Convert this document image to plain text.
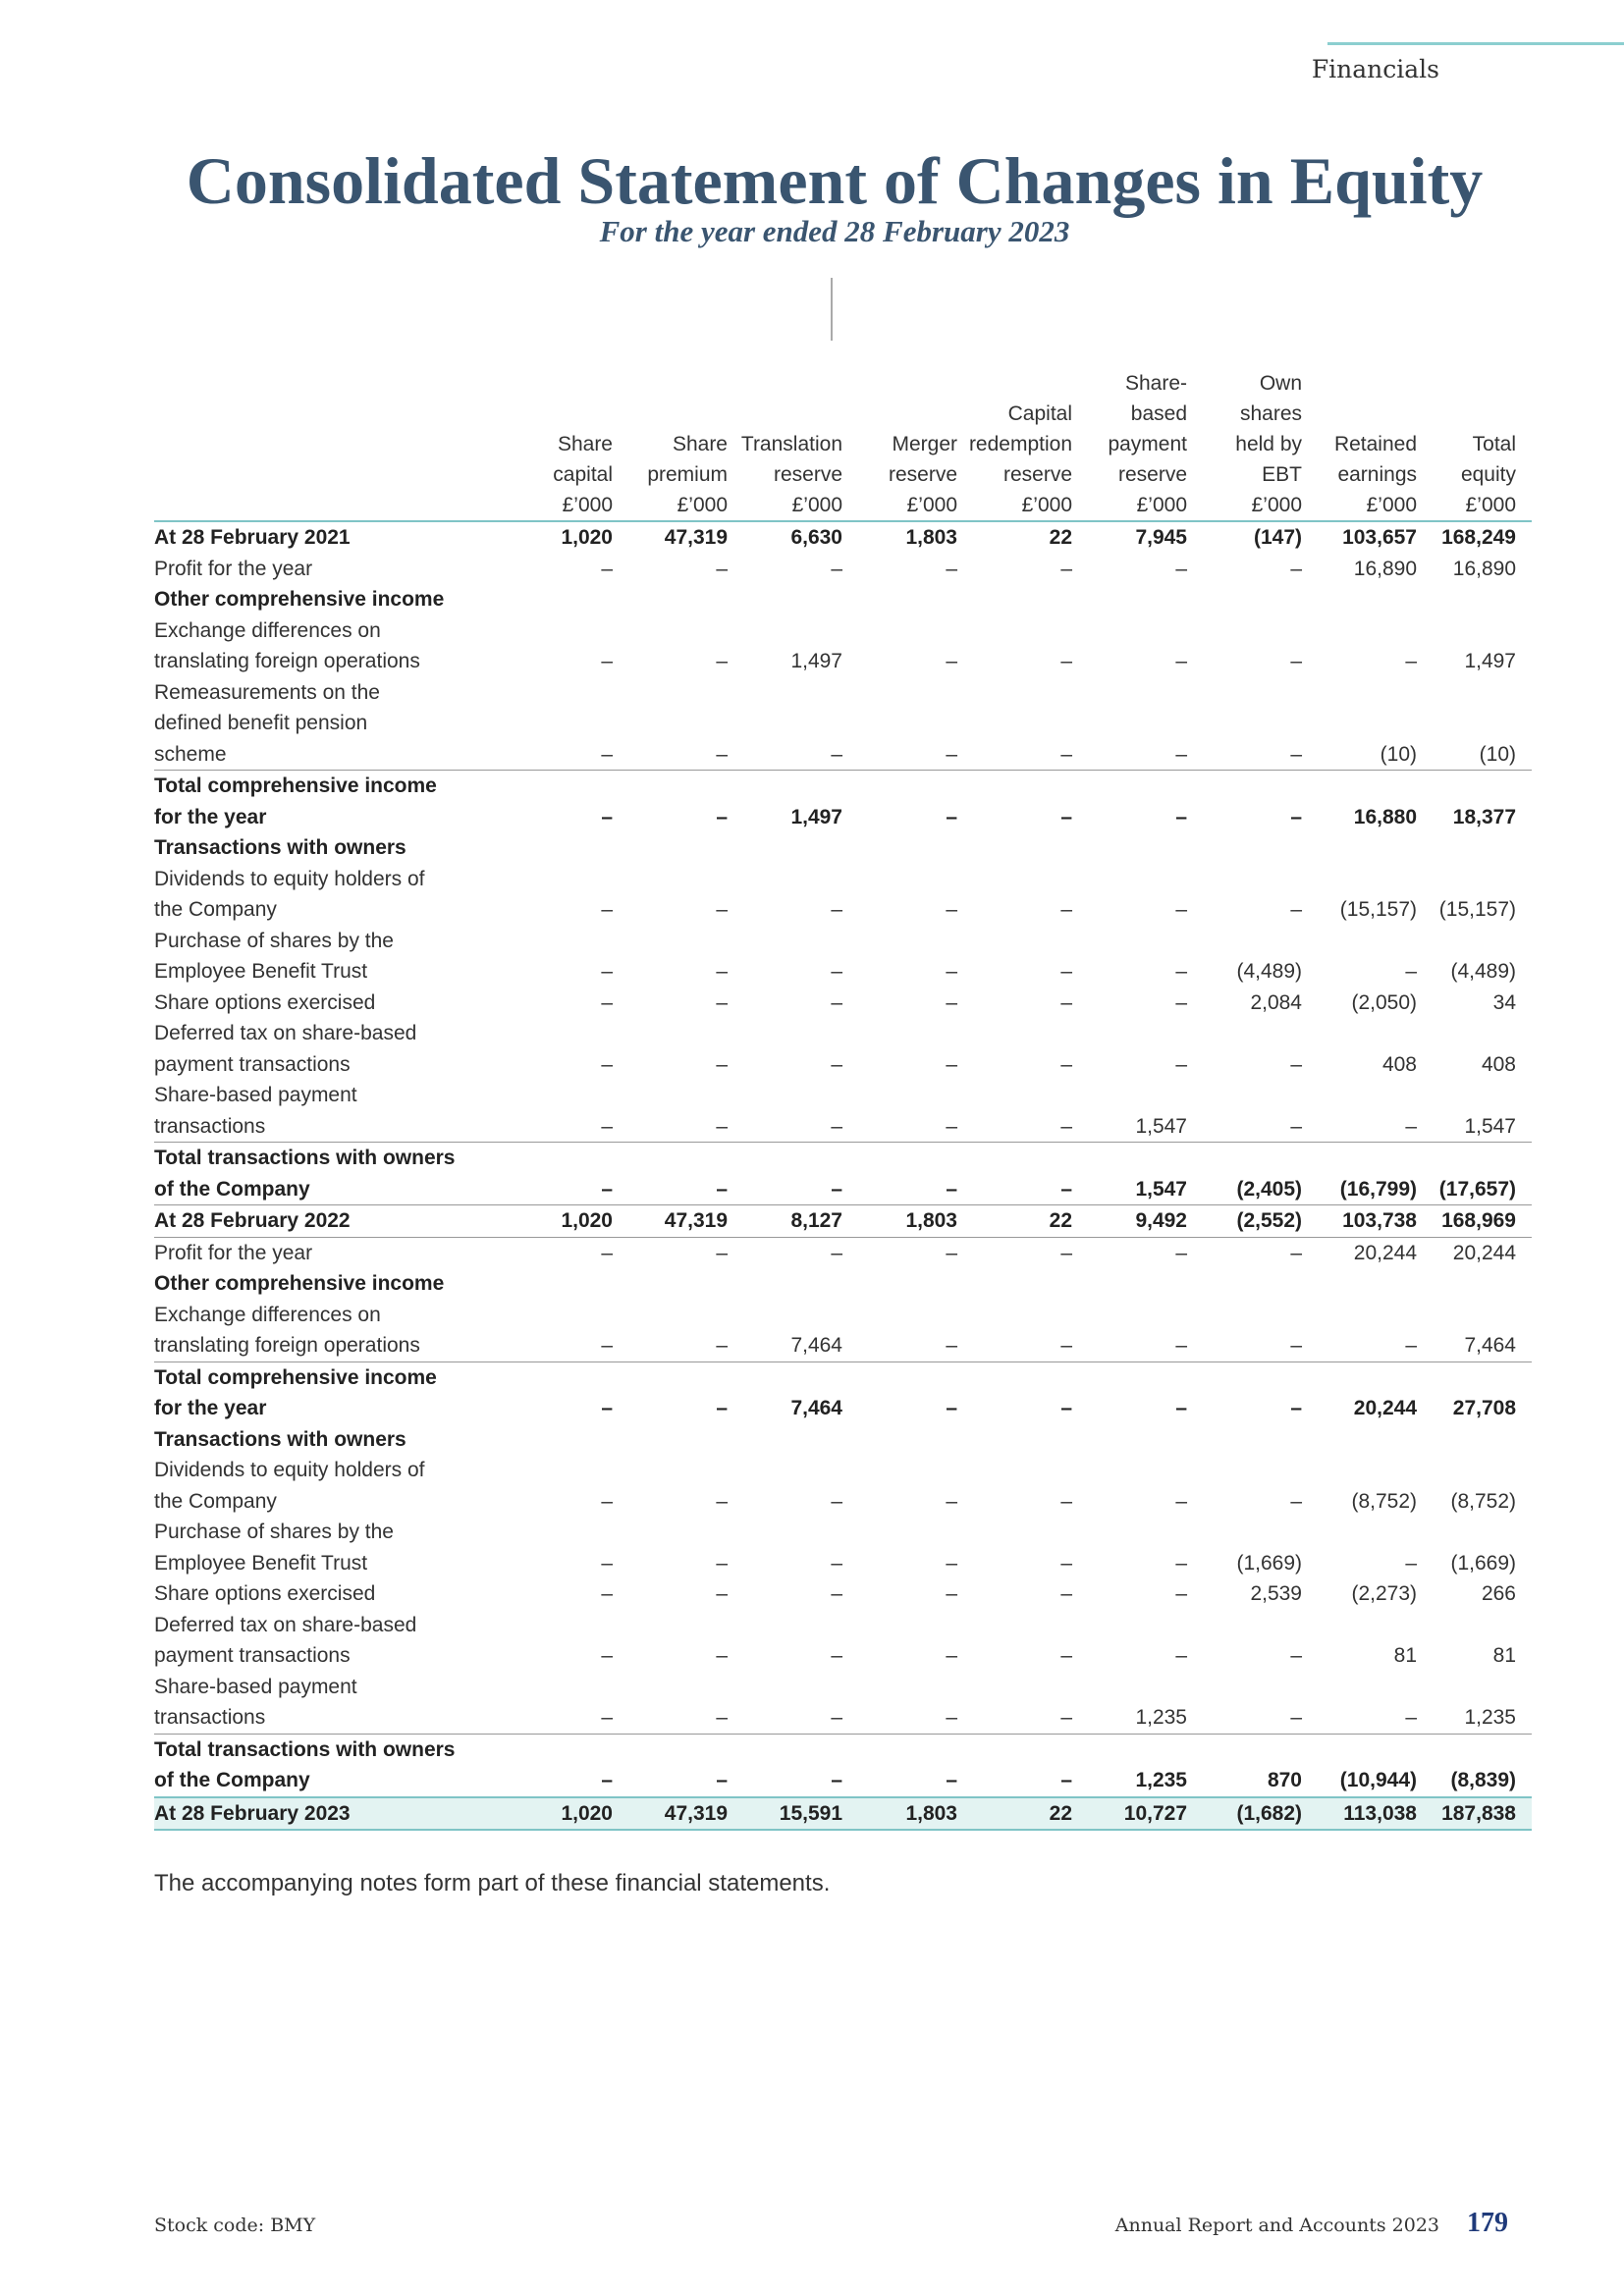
Financials
Consolidated Statement of Changes in Equity
For the year ended 28 February 2023
	Share
capital
£’000	Share
premium
£’000	Translation
reserve
£’000	Merger
reserve
£’000	Capital
redemption
reserve
£’000	Share-
based
payment
reserve
£’000	Own
shares
held by
EBT
£’000	Retained
earnings
£’000	Total
equity
£’000

At 28 February 2021	1,020	47,319	6,630	1,803	22	7,945	(147)	103,657	168,249

Profit for the year	–	–	–	–	–	–	–	16,890	16,890

Other comprehensive income									

Exchange differences on
translating foreign operations	–	–	1,497	–	–	–	–	–	1,497

Remeasurements on the
defined benefit pension
scheme	–	–	–	–	–	–	–	(10)	(10)

Total comprehensive income
for the year	–	–	1,497	–	–	–	–	16,880	18,377

Transactions with owners									

Dividends to equity holders of
the Company	–	–	–	–	–	–	–	(15,157)	(15,157)

Purchase of shares by the
Employee Benefit Trust	–	–	–	–	–	–	(4,489)	–	(4,489)

Share options exercised	–	–	–	–	–	–	2,084	(2,050)	34

Deferred tax on share-based
payment transactions	–	–	–	–	–	–	–	408	408

Share-based payment
transactions	–	–	–	–	–	1,547	–	–	1,547

Total transactions with owners
of the Company	–	–	–	–	–	1,547	(2,405)	(16,799)	(17,657)

At 28 February 2022	1,020	47,319	8,127	1,803	22	9,492	(2,552)	103,738	168,969

Profit for the year	–	–	–	–	–	–	–	20,244	20,244

Other comprehensive income									

Exchange differences on
translating foreign operations	–	–	7,464	–	–	–	–	–	7,464

Total comprehensive income
for the year	–	–	7,464	–	–	–	–	20,244	27,708

Transactions with owners									

Dividends to equity holders of
the Company	–	–	–	–	–	–	–	(8,752)	(8,752)

Purchase of shares by the
Employee Benefit Trust	–	–	–	–	–	–	(1,669)	–	(1,669)

Share options exercised	–	–	–	–	–	–	2,539	(2,273)	266

Deferred tax on share-based
payment transactions	–	–	–	–	–	–	–	81	81

Share-based payment
transactions	–	–	–	–	–	1,235	–	–	1,235

Total transactions with owners
of the Company	–	–	–	–	–	1,235	870	(10,944)	(8,839)

At 28 February 2023	1,020	47,319	15,591	1,803	22	10,727	(1,682)	113,038	187,838
The accompanying notes form part of these financial statements.
Stock code: BMY	Annual Report and Accounts 2023 179
